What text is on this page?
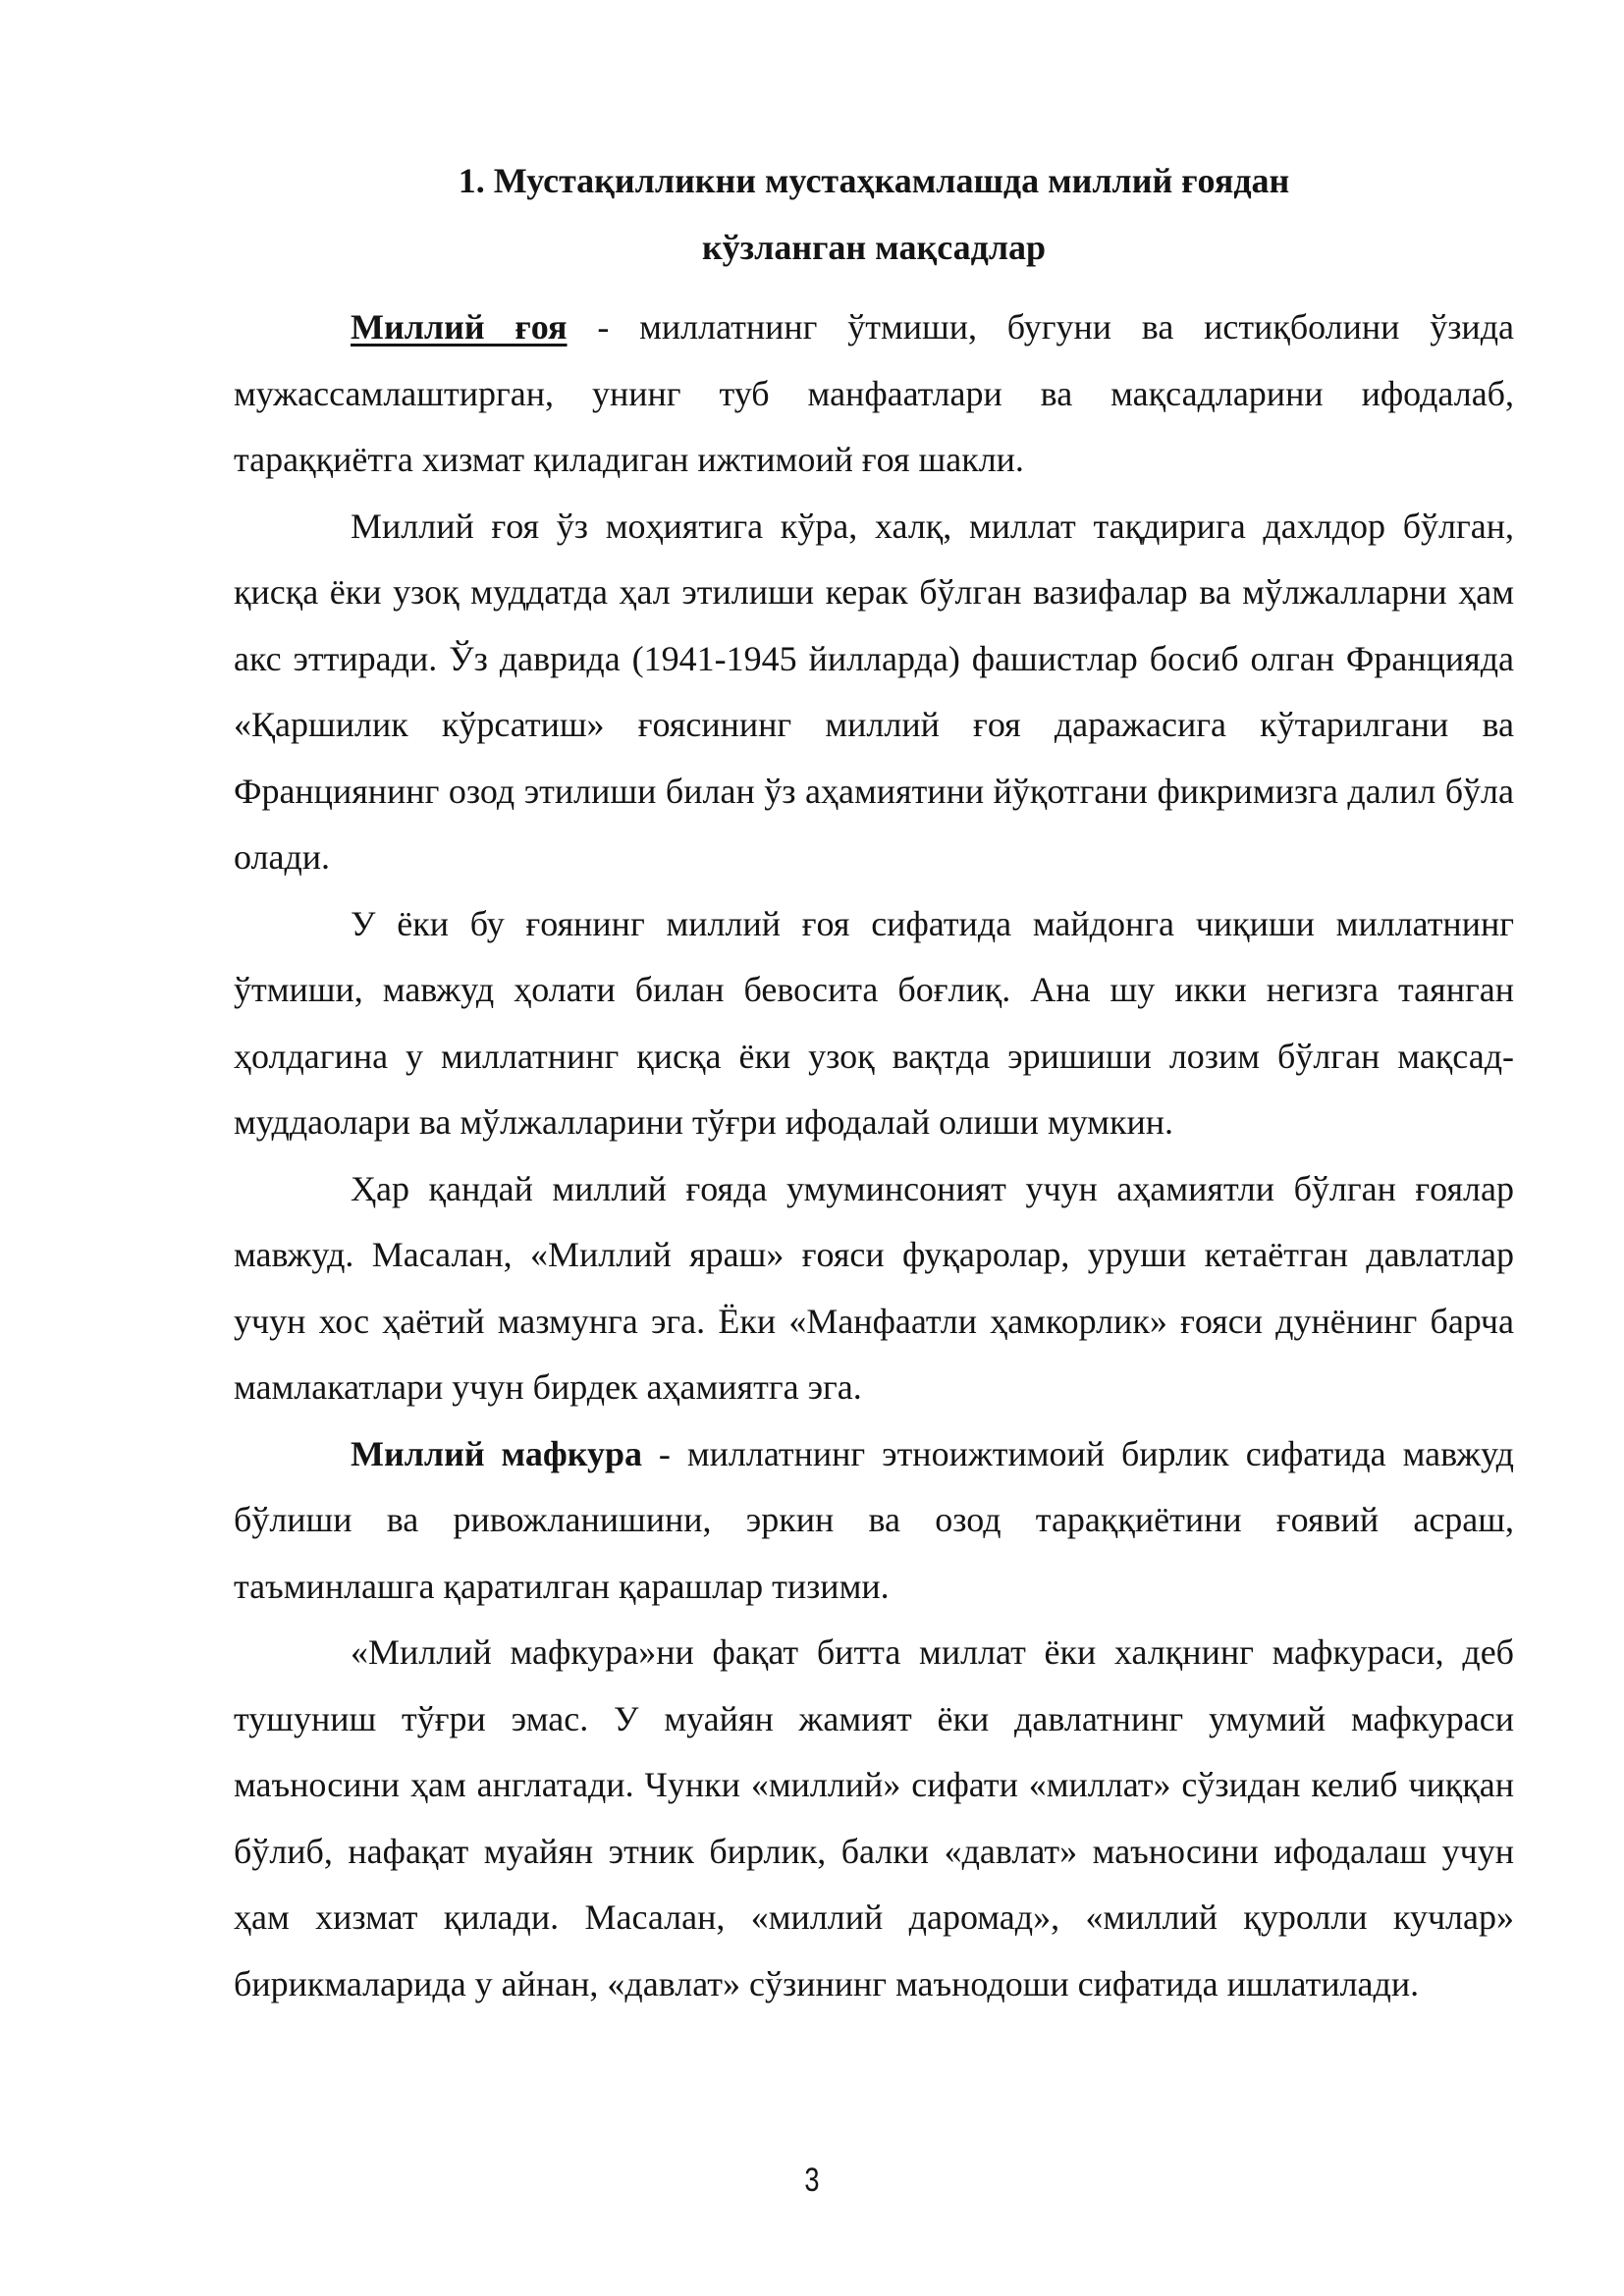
1. Мустақилликни мустаҳкамлашда миллий ғоядан
кўзланган мақсадлар

Миллий ғоя - миллатнинг ўтмиши, бугуни ва истиқболини ўзида мужассамлаштирган, унинг туб манфаатлари ва мақсадларини ифодалаб, тараққиётга хизмат қиладиган ижтимоий ғоя шакли.

Миллий ғоя ўз моҳиятига кўра, халқ, миллат тақдирига дахлдор бўлган, қисқа ёки узоқ муддатда ҳал этилиши керак бўлган вазифалар ва мўлжалларни ҳам акс эттиради. Ўз даврида (1941-1945 йилларда) фашистлар босиб олган Францияда «Қаршилик кўрсатиш» ғоясининг миллий ғоя даражасига кўтарилгани ва Франциянинг озод этилиши билан ўз аҳамиятини йўқотгани фикримизга далил бўла олади.

У ёки бу ғоянинг миллий ғоя сифатида майдонга чиқиши миллатнинг ўтмиши, мавжуд ҳолати билан бевосита боғлиқ. Ана шу икки негизга таянган ҳолдагина у миллатнинг қисқа ёки узоқ вақтда эришиши лозим бўлган мақсад-муддаолари ва мўлжалларини тўғри ифодалай олиши мумкин.

Ҳар қандай миллий ғояда умуминсоният учун аҳамиятли бўлган ғоялар мавжуд. Масалан, «Миллий яраш» ғояси фуқаролар, уруши кетаётган давлатлар учун хос ҳаётий мазмунга эга. Ёки «Манфаатли ҳамкорлик» ғояси дунёнинг барча мамлакатлари учун бирдек аҳамиятга эга.

Миллий мафкура - миллатнинг этноижтимоий бирлик сифатида мавжуд бўлиши ва ривожланишини, эркин ва озод тараққиётини ғоявий асраш, таъминлашга қаратилган қарашлар тизими.

«Миллий мафкура»ни фақат битта миллат ёки халқнинг мафкураси, деб тушуниш тўғри эмас. У муайян жамият ёки давлатнинг умумий мафкураси маъносини ҳам англатади. Чунки «миллий» сифати «миллат» сўзидан келиб чиққан бўлиб, нафақат муайян этник бирлик, балки «давлат» маъносини ифодалаш учун ҳам хизмат қилади. Масалан, «миллий даромад», «миллий қуролли кучлар» бирикмаларида у айнан, «давлат» сўзининг маънодоши сифатида ишлатилади.

3
